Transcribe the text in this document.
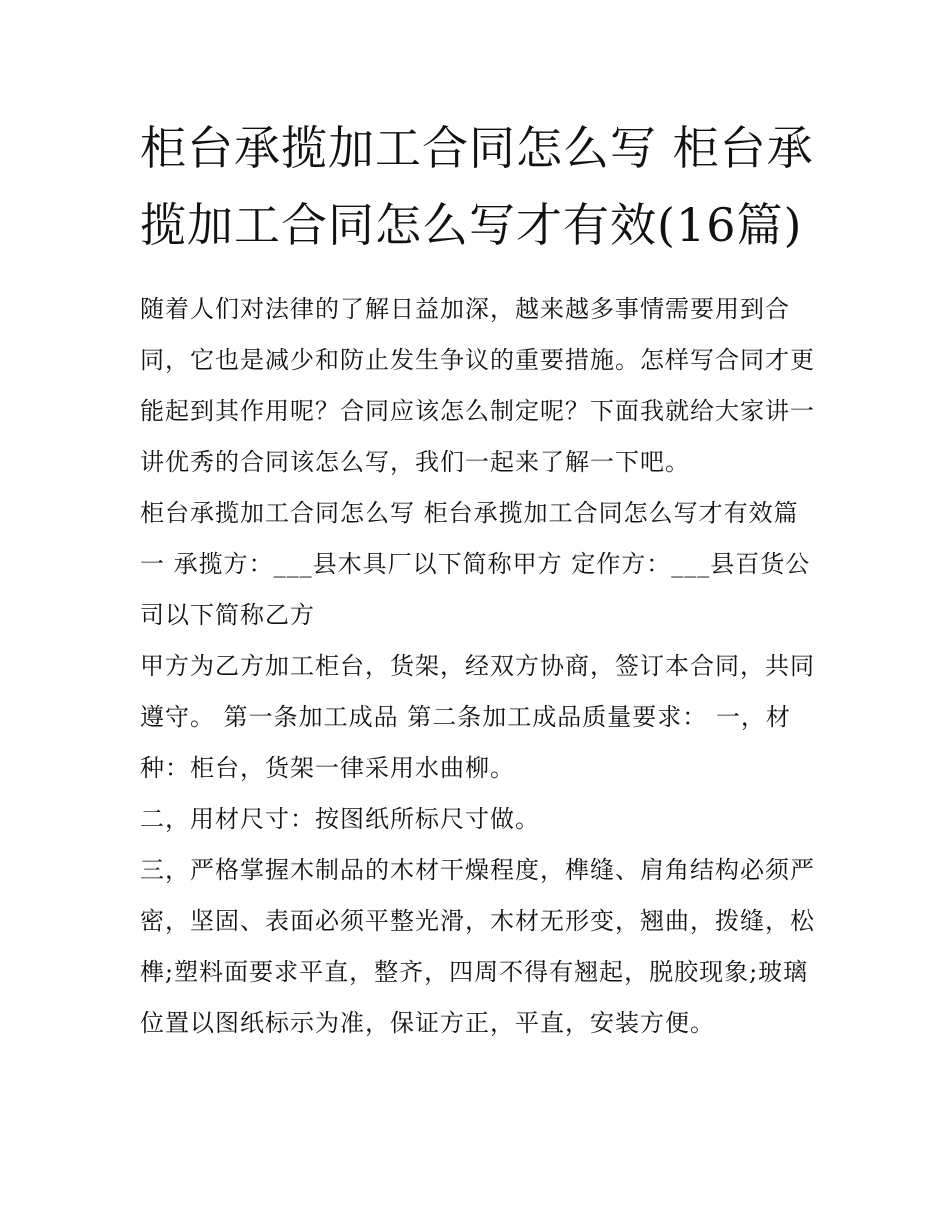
柜台承揽加工合同怎么写 柜台承揽加工合同怎么写才有效(16篇)

随着人们对法律的了解日益加深，越来越多事情需要用到合同，它也是减少和防止发生争议的重要措施。怎样写合同才更能起到其作用呢？合同应该怎么制定呢？下面我就给大家讲一讲优秀的合同该怎么写，我们一起来了解一下吧。

柜台承揽加工合同怎么写 柜台承揽加工合同怎么写才有效篇一 承揽方：___县木具厂以下简称甲方 定作方：___县百货公司以下简称乙方

甲方为乙方加工柜台，货架，经双方协商，签订本合同，共同遵守。 第一条加工成品 第二条加工成品质量要求： 一，材种：柜台，货架一律采用水曲柳。

二，用材尺寸：按图纸所标尺寸做。

三，严格掌握木制品的木材干燥程度，榫缝、肩角结构必须严密，坚固、表面必须平整光滑，木材无形变，翘曲，拨缝，松榫;塑料面要求平直，整齐，四周不得有翘起，脱胶现象;玻璃位置以图纸标示为准，保证方正，平直，安装方便。
